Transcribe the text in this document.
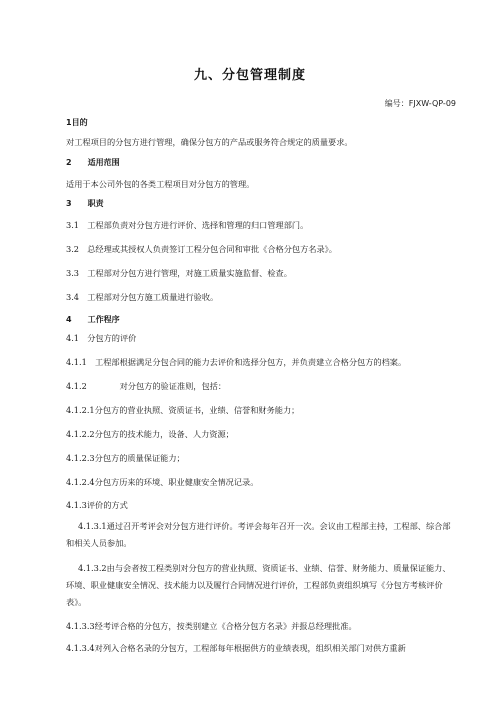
九、分包管理制度
编号：FJXW-QP-09
1目的
对工程项目的分包方进行管理，确保分包方的产品或服务符合规定的质量要求。
2　　适用范围
适用于本公司外包的各类工程项目对分包方的管理。
3　　职责
3.1　工程部负责对分包方进行评价、选择和管理的归口管理部门。
3.2　总经理或其授权人负责签订工程分包合同和审批《合格分包方名录》。
3.3　工程部对分包方进行管理，对施工质量实施监督、检查。
3.4　工程部对分包方施工质量进行验收。
4　　工作程序
4.1　分包方的评价
4.1.1　工程部根据满足分包合同的能力去评价和选择分包方，并负责建立合格分包方的档案。
4.1.2　　　　对分包方的验证准则，包括：
4.1.2.1分包方的营业执照、资质证书，业绩、信誉和财务能力；
4.1.2.2分包方的技术能力，设备、人力资源；
4.1.2.3分包方的质量保证能力；
4.1.2.4分包方历来的环境、职业健康安全情况记录。
4.1.3评价的方式
4.1.3.1通过召开考评会对分包方进行评价。考评会每年召开一次。会议由工程部主持，工程部、综合部和相关人员参加。
4.1.3.2由与会者按工程类别对分包方的营业执照、资质证书、业绩、信誉、财务能力、质量保证能力、环境、职业健康安全情况、技术能力以及履行合同情况进行评价，工程部负责组织填写《分包方考核评价表》。
4.1.3.3经考评合格的分包方，按类别建立《合格分包方名录》并报总经理批准。
4.1.3.4对列入合格名录的分包方，工程部每年根据供方的业绩表现，组织相关部门对供方重新
